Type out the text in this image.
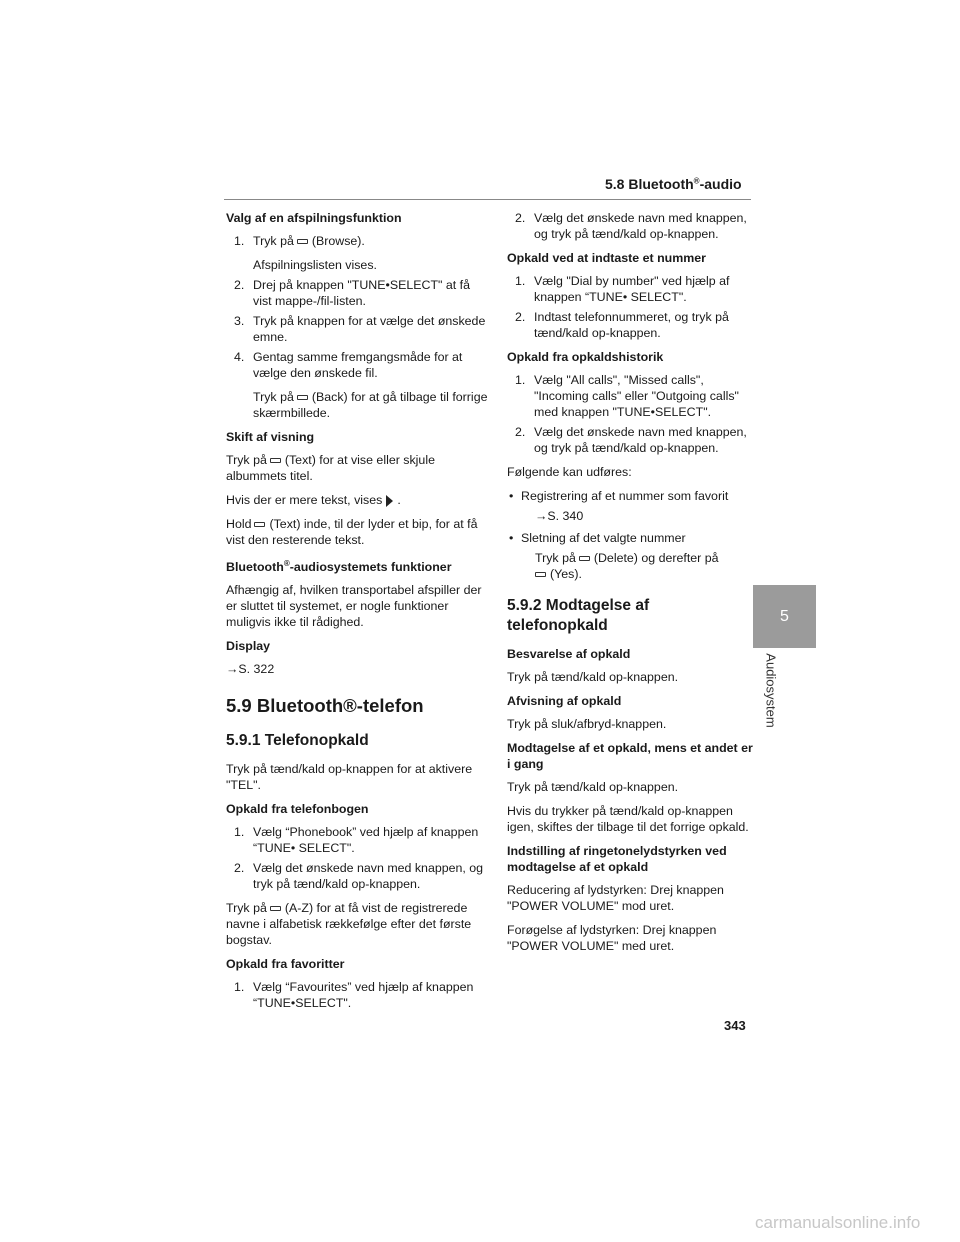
5.8 Bluetooth®-audio

Valg af en afspilningsfunktion

1. Tryk på (Browse).

Afspilningslisten vises.

2. Drej på knappen "TUNE•SELECT" at få vist mappe-/fil-listen.
3. Tryk på knappen for at vælge det ønskede emne.
4. Gentag samme fremgangsmåde for at vælge den ønskede fil.

Tryk på (Back) for at gå tilbage til forrige skærmbillede.

Skift af visning

Tryk på (Text) for at vise eller skjule albummets titel.

Hvis der er mere tekst, vises .

Hold (Text) inde, til der lyder et bip, for at få vist den resterende tekst.

Bluetooth®-audiosystemets funktioner

Afhængig af, hvilken transportabel afspiller der er sluttet til systemet, er nogle funktioner muligvis ikke til rådighed.

Display

→S. 322

5.9 Bluetooth®-telefon
5.9.1 Telefonopkald

Tryk på tænd/kald op-knappen for at aktivere "TEL".

Opkald fra telefonbogen

1. Vælg “Phonebook” ved hjælp af knappen “TUNE• SELECT".
2. Vælg det ønskede navn med knappen, og tryk på tænd/kald op-knappen.

Tryk på (A-Z) for at få vist de registrerede navne i alfabetisk rækkefølge efter det første bogstav.

Opkald fra favoritter

1. Vælg “Favourites” ved hjælp af knappen “TUNE•SELECT".
2. Vælg det ønskede navn med knappen, og tryk på tænd/kald op-knappen.

Opkald ved at indtaste et nummer

1. Vælg "Dial by number" ved hjælp af knappen “TUNE• SELECT".
2. Indtast telefonnummeret, og tryk på tænd/kald op-knappen.

Opkald fra opkaldshistorik

1. Vælg "All calls", "Missed calls", "Incoming calls" eller "Outgoing calls" med knappen "TUNE•SELECT".
2. Vælg det ønskede navn med knappen, og tryk på tænd/kald op-knappen.

Følgende kan udføres:

• Registrering af et nummer som favorit
→S. 340
• Sletning af det valgte nummer
Tryk på (Delete) og derefter på
(Yes).
5.9.2 Modtagelse af telefonopkald

Besvarelse af opkald

Tryk på tænd/kald op-knappen.

Afvisning af opkald

Tryk på sluk/afbryd-knappen.

Modtagelse af et opkald, mens et andet er i gang

Tryk på tænd/kald op-knappen.

Hvis du trykker på tænd/kald op-knappen igen, skiftes der tilbage til det forrige opkald.

Indstilling af ringetonelydstyrken ved modtagelse af et opkald

Reducering af lydstyrken: Drej knappen "POWER VOLUME" mod uret.

Forøgelse af lydstyrken: Drej knappen "POWER VOLUME" med uret.

5
Audiosystem
343
carmanualsonline.info
